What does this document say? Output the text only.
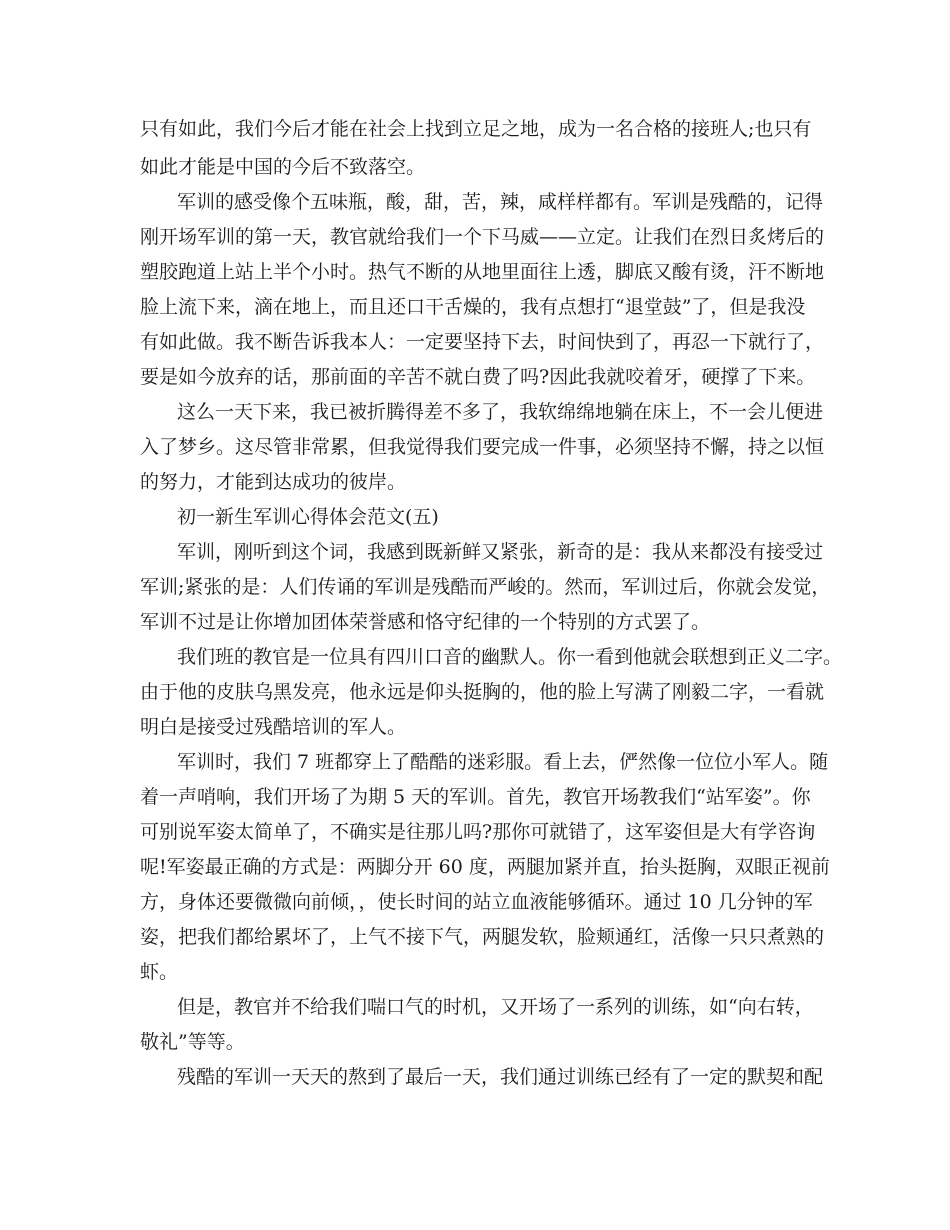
只有如此，我们今后才能在社会上找到立足之地，成为一名合格的接班人;也只有
如此才能是中国的今后不致落空。
军训的感受像个五味瓶，酸，甜，苦，辣，咸样样都有。军训是残酷的，记得
刚开场军训的第一天，教官就给我们一个下马威——立定。让我们在烈日炙烤后的
塑胶跑道上站上半个小时。热气不断的从地里面往上透，脚底又酸有烫，汗不断地
脸上流下来，滴在地上，而且还口干舌燥的，我有点想打“退堂鼓”了，但是我没
有如此做。我不断告诉我本人：一定要坚持下去，时间快到了，再忍一下就行了，
要是如今放弃的话，那前面的辛苦不就白费了吗?因此我就咬着牙，硬撑了下来。
这么一天下来，我已被折腾得差不多了，我软绵绵地躺在床上，不一会儿便进
入了梦乡。这尽管非常累，但我觉得我们要完成一件事，必须坚持不懈，持之以恒
的努力，才能到达成功的彼岸。
初一新生军训心得体会范文(五)
军训，刚听到这个词，我感到既新鲜又紧张，新奇的是：我从来都没有接受过
军训;紧张的是：人们传诵的军训是残酷而严峻的。然而，军训过后，你就会发觉，
军训不过是让你增加团体荣誉感和恪守纪律的一个特别的方式罢了。
我们班的教官是一位具有四川口音的幽默人。你一看到他就会联想到正义二字。
由于他的皮肤乌黑发亮，他永远是仰头挺胸的，他的脸上写满了刚毅二字，一看就
明白是接受过残酷培训的军人。
军训时，我们 7 班都穿上了酷酷的迷彩服。看上去，俨然像一位位小军人。随
着一声哨响，我们开场了为期 5 天的军训。首先，教官开场教我们“站军姿”。你
可别说军姿太简单了，不确实是往那儿吗?那你可就错了，这军姿但是大有学咨询
呢!军姿最正确的方式是：两脚分开 60 度，两腿加紧并直，抬头挺胸，双眼正视前
方，身体还要微微向前倾，，使长时间的站立血液能够循环。通过 10 几分钟的军
姿，把我们都给累坏了，上气不接下气，两腿发软，脸颊通红，活像一只只煮熟的
虾。
但是，教官并不给我们喘口气的时机，又开场了一系列的训练，如“向右转，
敬礼”等等。
残酷的军训一天天的熬到了最后一天，我们通过训练已经有了一定的默契和配
